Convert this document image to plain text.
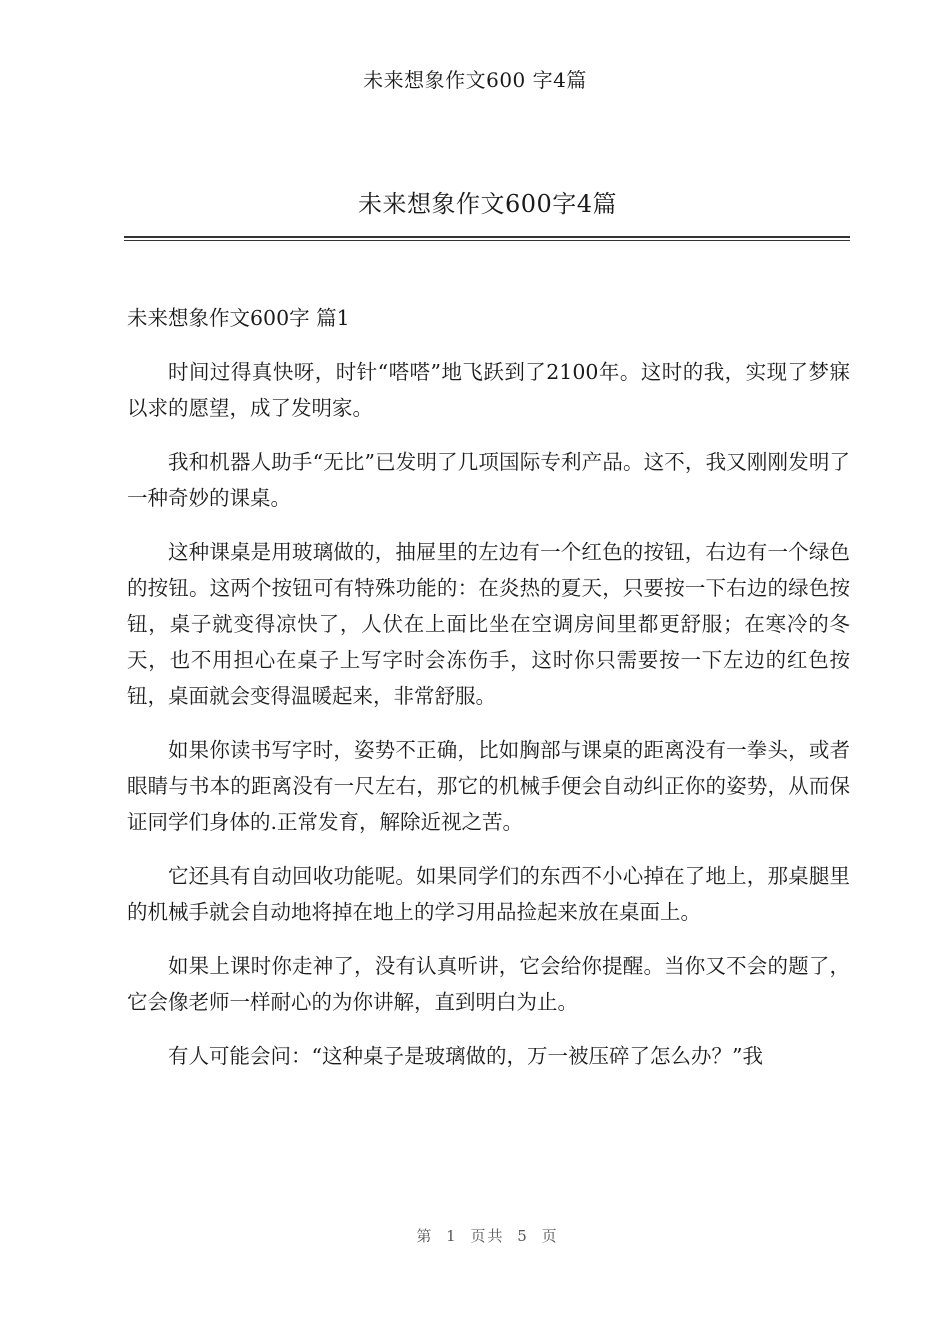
未来想象作文600 字4篇
未来想象作文600字4篇

未来想象作文600字 篇1

时间过得真快呀，时针“嗒嗒”地飞跃到了2100年。这时的我，实现了梦寐以求的愿望，成了发明家。

我和机器人助手“无比”已发明了几项国际专利产品。这不，我又刚刚发明了一种奇妙的课桌。

这种课桌是用玻璃做的，抽屉里的左边有一个红色的按钮，右边有一个绿色的按钮。这两个按钮可有特殊功能的：在炎热的夏天，只要按一下右边的绿色按钮，桌子就变得凉快了，人伏在上面比坐在空调房间里都更舒服；在寒冷的冬天，也不用担心在桌子上写字时会冻伤手，这时你只需要按一下左边的红色按钮，桌面就会变得温暖起来，非常舒服。

如果你读书写字时，姿势不正确，比如胸部与课桌的距离没有一拳头，或者眼睛与书本的距离没有一尺左右，那它的机械手便会自动纠正你的姿势，从而保证同学们身体的.正常发育，解除近视之苦。

它还具有自动回收功能呢。如果同学们的东西不小心掉在了地上，那桌腿里的机械手就会自动地将掉在地上的学习用品捡起来放在桌面上。

如果上课时你走神了，没有认真听讲，它会给你提醒。当你又不会的题了，它会像老师一样耐心的为你讲解，直到明白为止。

有人可能会问：“这种桌子是玻璃做的，万一被压碎了怎么办？”我

第 1 页共 5 页
